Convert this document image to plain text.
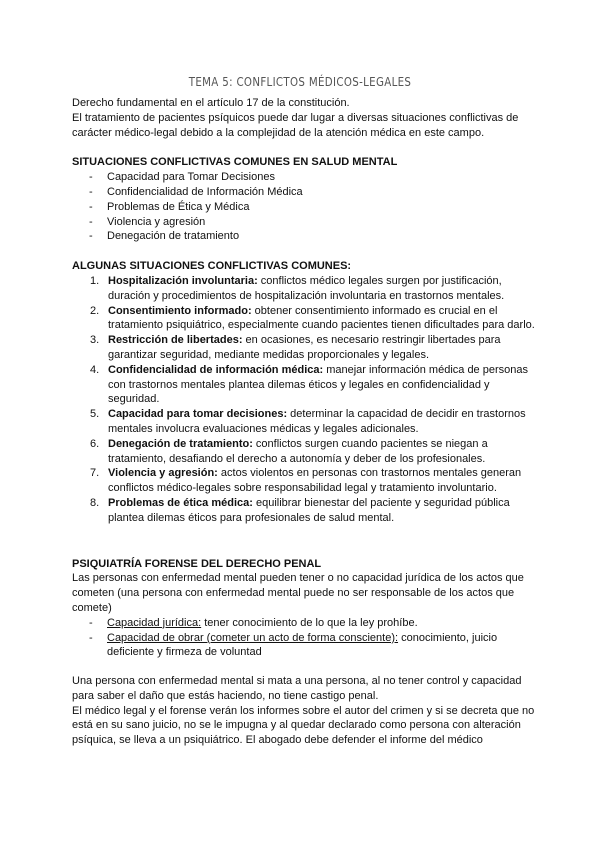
TEMA 5: CONFLICTOS MÉDICOS-LEGALES

Derecho fundamental en el artículo 17 de la constitución.

El tratamiento de pacientes psíquicos puede dar lugar a diversas situaciones conflictivas de carácter médico-legal debido a la complejidad de la atención médica en este campo.

SITUACIONES CONFLICTIVAS COMUNES EN SALUD MENTAL

- Capacidad para Tomar Decisiones
- Confidencialidad de Información Médica
- Problemas de Ética y Médica
- Violencia y agresión
- Denegación de tratamiento

ALGUNAS SITUACIONES CONFLICTIVAS COMUNES:

1. Hospitalización involuntaria: conflictos médico legales surgen por justificación, duración y procedimientos de hospitalización involuntaria en trastornos mentales.
2. Consentimiento informado: obtener consentimiento informado es crucial en el tratamiento psiquiátrico, especialmente cuando pacientes tienen dificultades para darlo.
3. Restricción de libertades: en ocasiones, es necesario restringir libertades para garantizar seguridad, mediante medidas proporcionales y legales.
4. Confidencialidad de información médica: manejar información médica de personas con trastornos mentales plantea dilemas éticos y legales en confidencialidad y seguridad.
5. Capacidad para tomar decisiones: determinar la capacidad de decidir en trastornos mentales involucra evaluaciones médicas y legales adicionales.
6. Denegación de tratamiento: conflictos surgen cuando pacientes se niegan a tratamiento, desafiando el derecho a autonomía y deber de los profesionales.
7. Violencia y agresión: actos violentos en personas con trastornos mentales generan conflictos médico-legales sobre responsabilidad legal y tratamiento involuntario.
8. Problemas de ética médica: equilibrar bienestar del paciente y seguridad pública plantea dilemas éticos para profesionales de salud mental.

PSIQUIATRÍA FORENSE DEL DERECHO PENAL

Las personas con enfermedad mental pueden tener o no capacidad jurídica de los actos que cometen (una persona con enfermedad mental puede no ser responsable de los actos que comete)

- Capacidad jurídica: tener conocimiento de lo que la ley prohíbe.
- Capacidad de obrar (cometer un acto de forma consciente): conocimiento, juicio deficiente y firmeza de voluntad

Una persona con enfermedad mental si mata a una persona, al no tener control y capacidad para saber el daño que estás haciendo, no tiene castigo penal.

El médico legal y el forense verán los informes sobre el autor del crimen y si se decreta que no está en su sano juicio, no se le impugna y al quedar declarado como persona con alteración psíquica, se lleva a un psiquiátrico. El abogado debe defender el informe del médico
